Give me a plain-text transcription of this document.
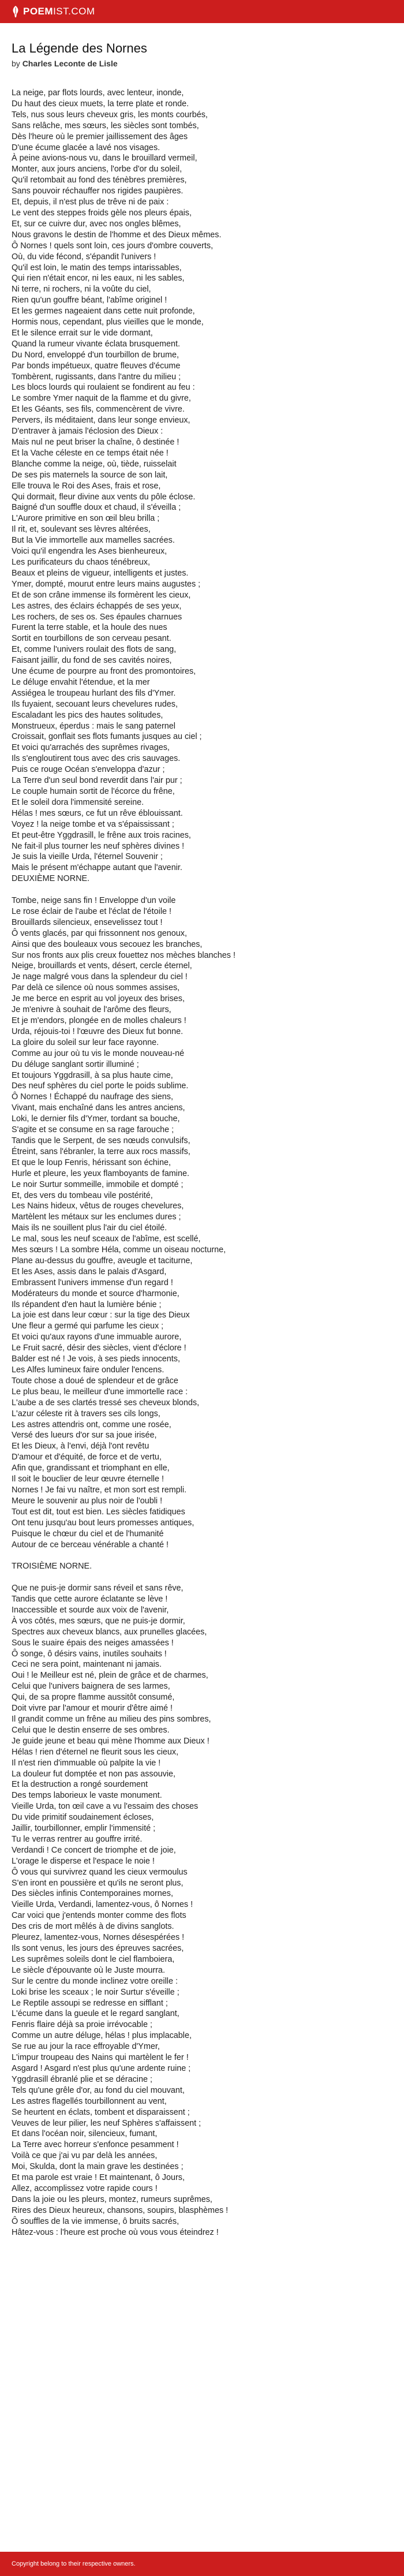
POEMIST.COM
La Légende des Nornes
by Charles Leconte de Lisle
La neige, par flots lourds, avec lenteur, inonde,
Du haut des cieux muets, la terre plate et ronde.
Tels, nus sous leurs cheveux gris, les monts courbés,
Sans relâche, mes sœurs, les siècles sont tombés,
Dès l'heure où le premier jaillissement des âges
D'une écume glacée a lavé nos visages.
À peine avions-nous vu, dans le brouillard vermeil,
Monter, aux jours anciens, l'orbe d'or du soleil,
Qu'il retombait au fond des ténèbres premières,
Sans pouvoir réchauffer nos rigides paupières.
Et, depuis, il n'est plus de trêve ni de paix :
Le vent des steppes froids gèle nos pleurs épais,
Et, sur ce cuivre dur, avec nos ongles blêmes,
Nous gravons le destin de l'homme et des Dieux mêmes.
Ô Nornes ! quels sont loin, ces jours d'ombre couverts,
Où, du vide fécond, s'épandit l'univers !
Qu'il est loin, le matin des temps intarissables,
Qui rien n'était encor, ni les eaux, ni les sables,
Ni terre, ni rochers, ni la voûte du ciel,
Rien qu'un gouffre béant, l'abîme originel !
Et les germes nageaient dans cette nuit profonde,
Hormis nous, cependant, plus vieilles que le monde,
Et le silence errait sur le vide dormant,
Quand la rumeur vivante éclata brusquement.
Du Nord, enveloppé d'un tourbillon de brume,
Par bonds impétueux, quatre fleuves d'écume
Tombèrent, rugissants, dans l'antre du milieu ;
Les blocs lourds qui roulaient se fondirent au feu :
Le sombre Ymer naquit de la flamme et du givre,
Et les Géants, ses fils, commencèrent de vivre.
Pervers, ils méditaient, dans leur songe envieux,
D'entraver à jamais l'éclosion des Dieux :
Mais nul ne peut briser la chaîne, ô destinée !
Et la Vache céleste en ce temps était née !
Blanche comme la neige, où, tiède, ruisselait
De ses pis maternels la source de son lait,
Elle trouva le Roi des Ases, frais et rose,
Qui dormait, fleur divine aux vents du pôle éclose.
Baigné d'un souffle doux et chaud, il s'éveilla ;
L'Aurore primitive en son œil bleu brilla ;
Il rit, et, soulevant ses lèvres altérées,
But la Vie immortelle aux mamelles sacrées.
Voici qu'il engendra les Ases bienheureux,
Les purificateurs du chaos ténébreux,
Beaux et pleins de vigueur, intelligents et justes.
Ymer, dompté, mourut entre leurs mains augustes ;
Et de son crâne immense ils formèrent les cieux,
Les astres, des éclairs échappés de ses yeux,
Les rochers, de ses os. Ses épaules charnues
Furent la terre stable, et la houle des nues
Sortit en tourbillons de son cerveau pesant.
Et, comme l'univers roulait des flots de sang,
Faisant jaillir, du fond de ses cavités noires,
Une écume de pourpre au front des promontoires,
Le déluge envahit l'étendue, et la mer
Assiégea le troupeau hurlant des fils d'Ymer.
Ils fuyaient, secouant leurs chevelures rudes,
Escaladant les pics des hautes solitudes,
Monstrueux, éperdus : mais le sang paternel
Croissait, gonflait ses flots fumants jusques au ciel ;
Et voici qu'arrachés des suprêmes rivages,
Ils s'engloutirent tous avec des cris sauvages.
Puis ce rouge Océan s'enveloppa d'azur ;
La Terre d'un seul bond reverdit dans l'air pur ;
Le couple humain sortit de l'écorce du frêne,
Et le soleil dora l'immensité sereine.
Hélas ! mes sœurs, ce fut un rêve éblouissant.
Voyez ! la neige tombe et va s'épaississant ;
Et peut-être Yggdrasill, le frêne aux trois racines,
Ne fait-il plus tourner les neuf sphères divines !
Je suis la vieille Urda, l'éternel Souvenir ;
Mais le présent m'échappe autant que l'avenir.
DEUXIÈME NORNE.
Tombe, neige sans fin ! Enveloppe d'un voile
Le rose éclair de l'aube et l'éclat de l'étoile !
Brouillards silencieux, ensevelissez tout !
Ô vents glacés, par qui frissonnent nos genoux,
Ainsi que des bouleaux vous secouez les branches,
Sur nos fronts aux plis creux fouettez nos mèches blanches !
Neige, brouillards et vents, désert, cercle éternel,
Je nage malgré vous dans la splendeur du ciel !
Par delà ce silence où nous sommes assises,
Je me berce en esprit au vol joyeux des brises,
Je m'enivre à souhait de l'arôme des fleurs,
Et je m'endors, plongée en de molles chaleurs !
Urda, réjouis-toi ! l'œuvre des Dieux fut bonne.
La gloire du soleil sur leur face rayonne.
Comme au jour où tu vis le monde nouveau-né
Du déluge sanglant sortir illuminé ;
Et toujours Yggdrasill, à sa plus haute cime,
Des neuf sphères du ciel porte le poids sublime.
Ô Nornes ! Échappé du naufrage des siens,
Vivant, mais enchaîné dans les antres anciens,
Loki, le dernier fils d'Ymer, tordant sa bouche,
S'agite et se consume en sa rage farouche ;
Tandis que le Serpent, de ses nœuds convulsifs,
Étreint, sans l'ébranler, la terre aux rocs massifs,
Et que le loup Fenris, hérissant son échine,
Hurle et pleure, les yeux flamboyants de famine.
Le noir Surtur sommeille, immobile et dompté ;
Et, des vers du tombeau vile postérité,
Les Nains hideux, vêtus de rouges chevelures,
Martèlent les métaux sur les enclumes dures ;
Mais ils ne souillent plus l'air du ciel étoilé.
Le mal, sous les neuf sceaux de l'abîme, est scellé,
Mes sœurs ! La sombre Héla, comme un oiseau nocturne,
Plane au-dessus du gouffre, aveugle et taciturne,
Et les Ases, assis dans le palais d'Asgard,
Embrassent l'univers immense d'un regard !
Modérateurs du monde et source d'harmonie,
Ils répandent d'en haut la lumière bénie ;
La joie est dans leur cœur : sur la tige des Dieux
Une fleur a germé qui parfume les cieux ;
Et voici qu'aux rayons d'une immuable aurore,
Le Fruit sacré, désir des siècles, vient d'éclore !
Balder est né ! Je vois, à ses pieds innocents,
Les Alfes lumineux faire onduler l'encens.
Toute chose a doué de splendeur et de grâce
Le plus beau, le meilleur d'une immortelle race :
L'aube a de ses clartés tressé ses cheveux blonds,
L'azur céleste rit à travers ses cils longs,
Les astres attendris ont, comme une rosée,
Versé des lueurs d'or sur sa joue irisée,
Et les Dieux, à l'envi, déjà l'ont revêtu
D'amour et d'équité, de force et de vertu,
Afin que, grandissant et triomphant en elle,
Il soit le bouclier de leur œuvre éternelle !
Nornes ! Je fai vu naître, et mon sort est rempli.
Meure le souvenir au plus noir de l'oubli !
Tout est dit, tout est bien. Les siècles fatidiques
Ont tenu jusqu'au bout leurs promesses antiques,
Puisque le chœur du ciel et de l'humanité
Autour de ce berceau vénérable a chanté !
TROISIÈME NORNE.
Que ne puis-je dormir sans réveil et sans rêve,
Tandis que cette aurore éclatante se lève !
Inaccessible et sourde aux voix de l'avenir,
À vos côtés, mes sœurs, que ne puis-je dormir,
Spectres aux cheveux blancs, aux prunelles glacées,
Sous le suaire épais des neiges amassées !
Ô songe, ô désirs vains, inutiles souhaits !
Ceci ne sera point, maintenant ni jamais.
Oui ! le Meilleur est né, plein de grâce et de charmes,
Celui que l'univers baignera de ses larmes,
Qui, de sa propre flamme aussitôt consumé,
Doit vivre par l'amour et mourir d'être aimé !
Il grandit comme un frêne au milieu des pins sombres,
Celui que le destin enserre de ses ombres.
Je guide jeune et beau qui mène l'homme aux Dieux !
Hélas ! rien d'éternel ne fleurit sous les cieux,
Il n'est rien d'immuable où palpite la vie !
La douleur fut domptée et non pas assouvie,
Et la destruction a rongé sourdement
Des temps laborieux le vaste monument.
Vieille Urda, ton œil cave a vu l'essaim des choses
Du vide primitif soudainement écloses,
Jaillir, tourbillonner, emplir l'immensité ;
Tu le verras rentrer au gouffre irrité.
Verdandi ! Ce concert de triomphe et de joie,
L'orage le disperse et l'espace le noie !
Ô vous qui survivrez quand les cieux vermoulus
S'en iront en poussière et qu'ils ne seront plus,
Des siècles infinis Contemporaines mornes,
Vieille Urda, Verdandi, lamentez-vous, ô Nornes !
Car voici que j'entends monter comme des flots
Des cris de mort mêlés à de divins sanglots.
Pleurez, lamentez-vous, Nornes désespérées !
Ils sont venus, les jours des épreuves sacrées,
Les suprêmes soleils dont le ciel flamboiera,
Le siècle d'épouvante où le Juste mourra.
Sur le centre du monde inclinez votre oreille :
Loki brise les sceaux ; le noir Surtur s'éveille ;
Le Reptile assoupi se redresse en sifflant ;
L'écume dans la gueule et le regard sanglant,
Fenris flaire déjà sa proie irrévocable ;
Comme un autre déluge, hélas ! plus implacable,
Se rue au jour la race effroyable d'Ymer,
L'impur troupeau des Nains qui martèlent le fer !
Asgard ! Asgard n'est plus qu'une ardente ruine ;
Yggdrasill ébranlé plie et se déracine ;
Tels qu'une grêle d'or, au fond du ciel mouvant,
Les astres flagellés tourbillonnent au vent,
Se heurtent en éclats, tombent et disparaissent ;
Veuves de leur pilier, les neuf Sphères s'affaissent ;
Et dans l'océan noir, silencieux, fumant,
La Terre avec horreur s'enfonce pesamment !
Voilà ce que j'ai vu par delà les années,
Moi, Skulda, dont la main grave les destinées ;
Et ma parole est vraie ! Et maintenant, ô Jours,
Allez, accomplissez votre rapide cours !
Dans la joie ou les pleurs, montez, rumeurs suprêmes,
Rires des Dieux heureux, chansons, soupirs, blasphèmes !
Ô souffles de la vie immense, ô bruits sacrés,
Hâtez-vous : l'heure est proche où vous vous éteindrez !
Copyright belong to their respective owners.
